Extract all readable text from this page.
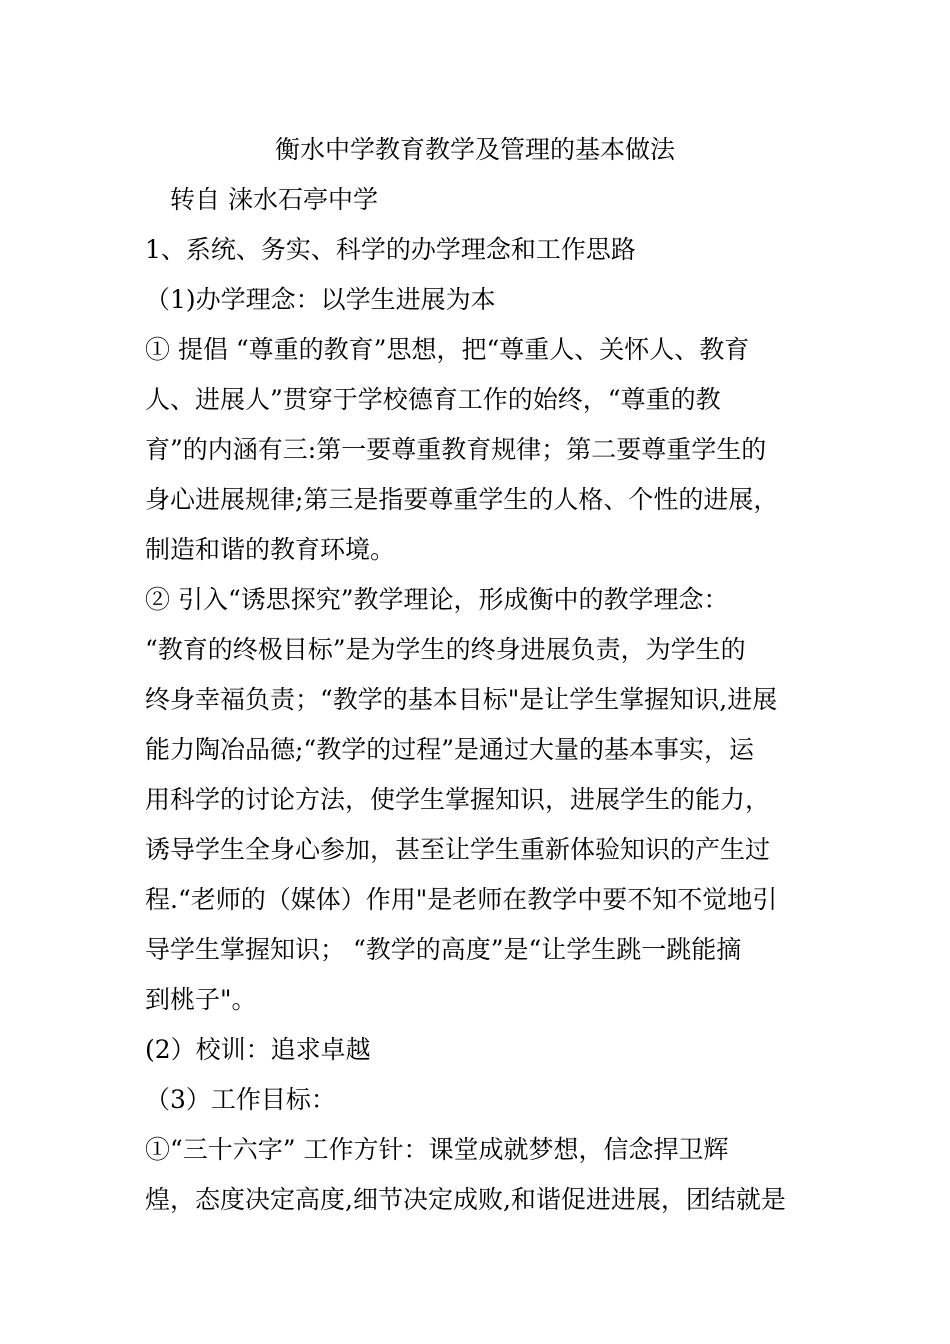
衡水中学教育教学及管理的基本做法
　转自 涞水石亭中学
1、系统、务实、科学的办学理念和工作思路
（1)办学理念：以学生进展为本
① 提倡 “尊重的教育”思想，把“尊重人、关怀人、教育
人、进展人”贯穿于学校德育工作的始终，“尊重的教
育”的内涵有三:第一要尊重教育规律；第二要尊重学生的
身心进展规律;第三是指要尊重学生的人格、个性的进展，
制造和谐的教育环境。
② 引入“诱思探究”教学理论，形成衡中的教学理念：
“教育的终极目标”是为学生的终身进展负责，为学生的
终身幸福负责；“教学的基本目标"是让学生掌握知识,进展
能力陶冶品德;“教学的过程”是通过大量的基本事实，运
用科学的讨论方法，使学生掌握知识，进展学生的能力，
诱导学生全身心参加，甚至让学生重新体验知识的产生过
程.“老师的（媒体）作用"是老师在教学中要不知不觉地引
导学生掌握知识； “教学的高度”是“让学生跳一跳能摘
到桃子"。
(2）校训：追求卓越
（3）工作目标：
①“三十六字” 工作方针：课堂成就梦想，信念捍卫辉
煌，态度决定高度,细节决定成败,和谐促进进展，团结就是
